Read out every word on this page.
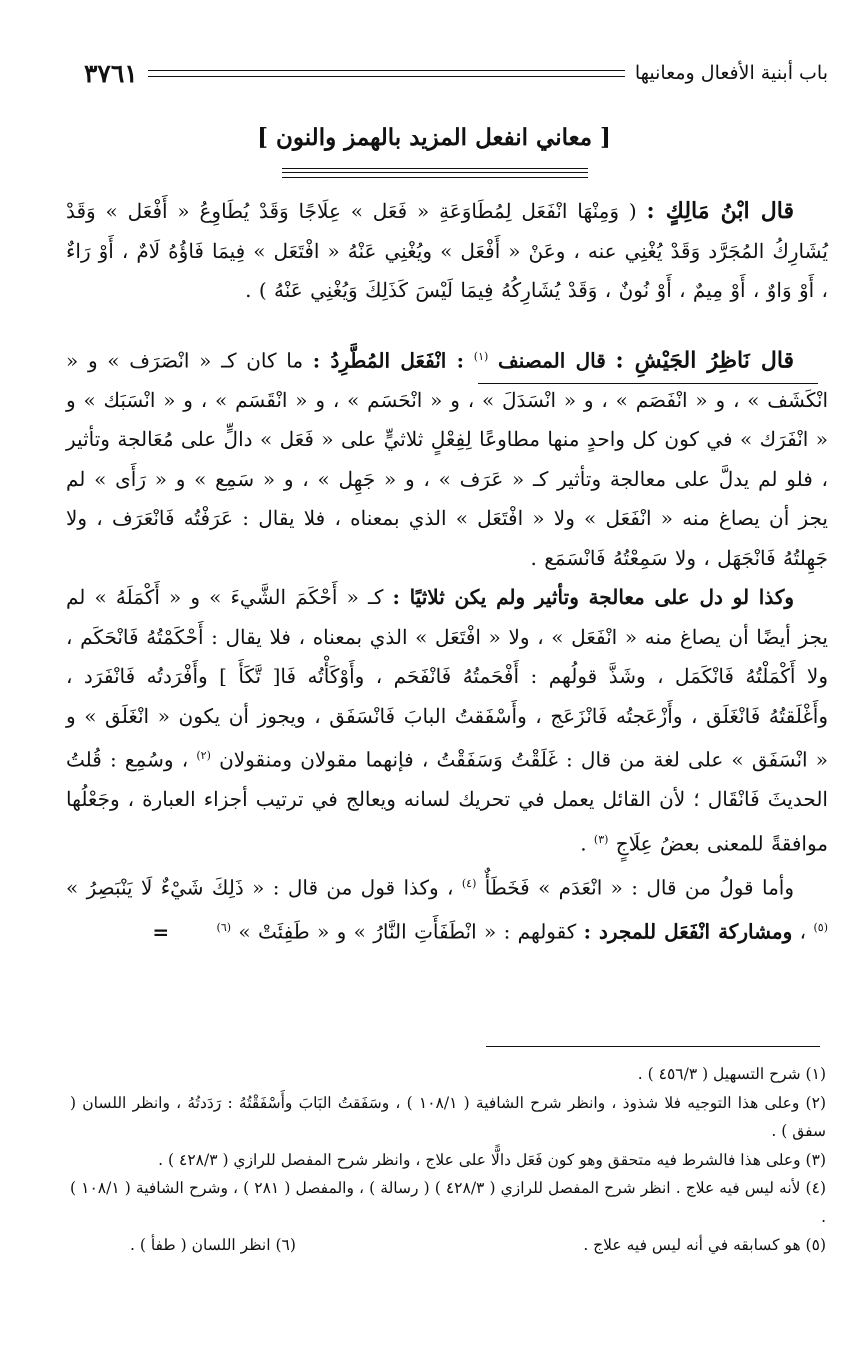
باب أبنية الأفعال ومعانيها
٣٧٦١
[ معاني انفعل المزيد بالهمز والنون ]

قال ابْنُ مَالِكٍ : ( وَمِنْهَا انْفَعَل لِمُطَاوَعَةِ « فَعَل » عِلَاجًا وَقَدْ يُطَاوِعُ « أَفْعَل » وَقَدْ يُشَارِكُ المُجَرَّد وَقَدْ يُغْنِي عنه ، وعَنْ « أَفْعَل » ويُغْنِي عَنْهُ « افْتَعَل » فِيمَا فَاؤُهُ لَامٌ ، أَوْ رَاءٌ ، أَوْ وَاوٌ ، أَوْ مِيمٌ ، أَوْ نُونٌ ، وَقَدْ يُشَارِكُهُ فِيمَا لَيْسَ كَذَلِكَ وَيُغْنِي عَنْهُ ) .

قال نَاظِرُ الجَيْشِ : قال المصنف $^{(١)}$ : انْفَعَل المُطَّرِدُ : ما كان كـ « انْصَرَف » و « انْكَشَف » ، و « انْفَصَم » ، و « انْسَدَلَ » ، و « انْحَسَم » ، و « انْقَسَم » ، و « انْسَبَك » و « انْفَرَك » في كون كل واحدٍ منها مطاوعًا لِفِعْلٍ ثلاثيٍّ على « فَعَل » دالٍّ على مُعَالجة وتأثير ، فلو لم يدلَّ على معالجة وتأثير كـ « عَرَف » ، و « جَهِل » ، و « سَمِع » و « رَأَى » لم يجز أن يصاغ منه « انْفَعَل » ولا « افْتَعَل » الذي بمعناه ، فلا يقال : عَرَفْتُه فَانْعَرَف ، ولا جَهِلتُهُ فَانْجَهَل ، ولا سَمِعْتُهُ فَانْسَمَع .

وكذا لو دل على معالجة وتأثير ولم يكن ثلاثيًا : كـ « أَحْكَمَ الشَّيءَ » و « أَكْمَلَهُ » لم يجز أيضًا أن يصاغ منه « انْفَعَل » ، ولا « افْتَعَل » الذي بمعناه ، فلا يقال : أَحْكَمْتُهُ فَانْحَكَم ، ولا أَكْمَلْتُهُ فَانْكَمَل ، وشَذَّ قولُهم : أَفْحَمتُهُ فَانْفَحَم ، وأَوْكَأْتُه فَا[ تَّكَأَ ] وأَفْرَدتُه فَانْفَرَد ، وأَغْلَقتُهُ فَانْغَلَق ، وأَزْعَجتُه فَانْزَعَج ، وأَسْفَقتُ البابَ فَانْسَفَق ، ويجوز أن يكون « انْغَلَق » و « انْسَفَق » على لغة من قال : غَلَقْتُ وَسَفَقْتُ ، فإنهما مقولان ومنقولان $^{(٢)}$ ، وسُمِع : قُلتُ الحديثَ فَانْقَال ؛ لأن القائل يعمل في تحريك لسانه ويعالج في ترتيب أجزاء العبارة ، وجَعْلُها موافقةً للمعنى بعضُ عِلَاجٍ $^{(٣)}$ .

وأما قولُ من قال : « انْعَدَم » فَخَطَأٌ $^{(٤)}$ ، وكذا قول من قال : « ذَلِكَ شَيْءٌ لَا يَنْبَصِرُ » $^{(٥)}$ ، ومشاركة انْفَعَل للمجرد : كقولهم : « انْطَفَأَتِ النَّارُ » و « طَفِئَتْ » $^{(٦)}$ =

(١) شرح التسهيل ( ٤٥٦/٣ ) .

(٢) وعلى هذا التوجيه فلا شذوذ ، وانظر شرح الشافية ( ١٠٨/١ ) ، وسَفَقتُ البَابَ وأَسْفَقْتُهُ : رَدَدتُهُ ، وانظر اللسان ( سفق ) .

(٣) وعلى هذا فالشرط فيه متحقق وهو كون فَعَل دالًّا على علاج ، وانظر شرح المفصل للرازي ( ٤٢٨/٣ ) .

(٤) لأنه ليس فيه علاج . انظر شرح المفصل للرازي ( ٤٢٨/٣ ) ( رسالة ) ، والمفصل ( ٢٨١ ) ، وشرح الشافية ( ١٠٨/١ ) .

(٥) هو كسابقه في أنه ليس فيه علاج .
(٦) انظر اللسان ( طفأ ) .
